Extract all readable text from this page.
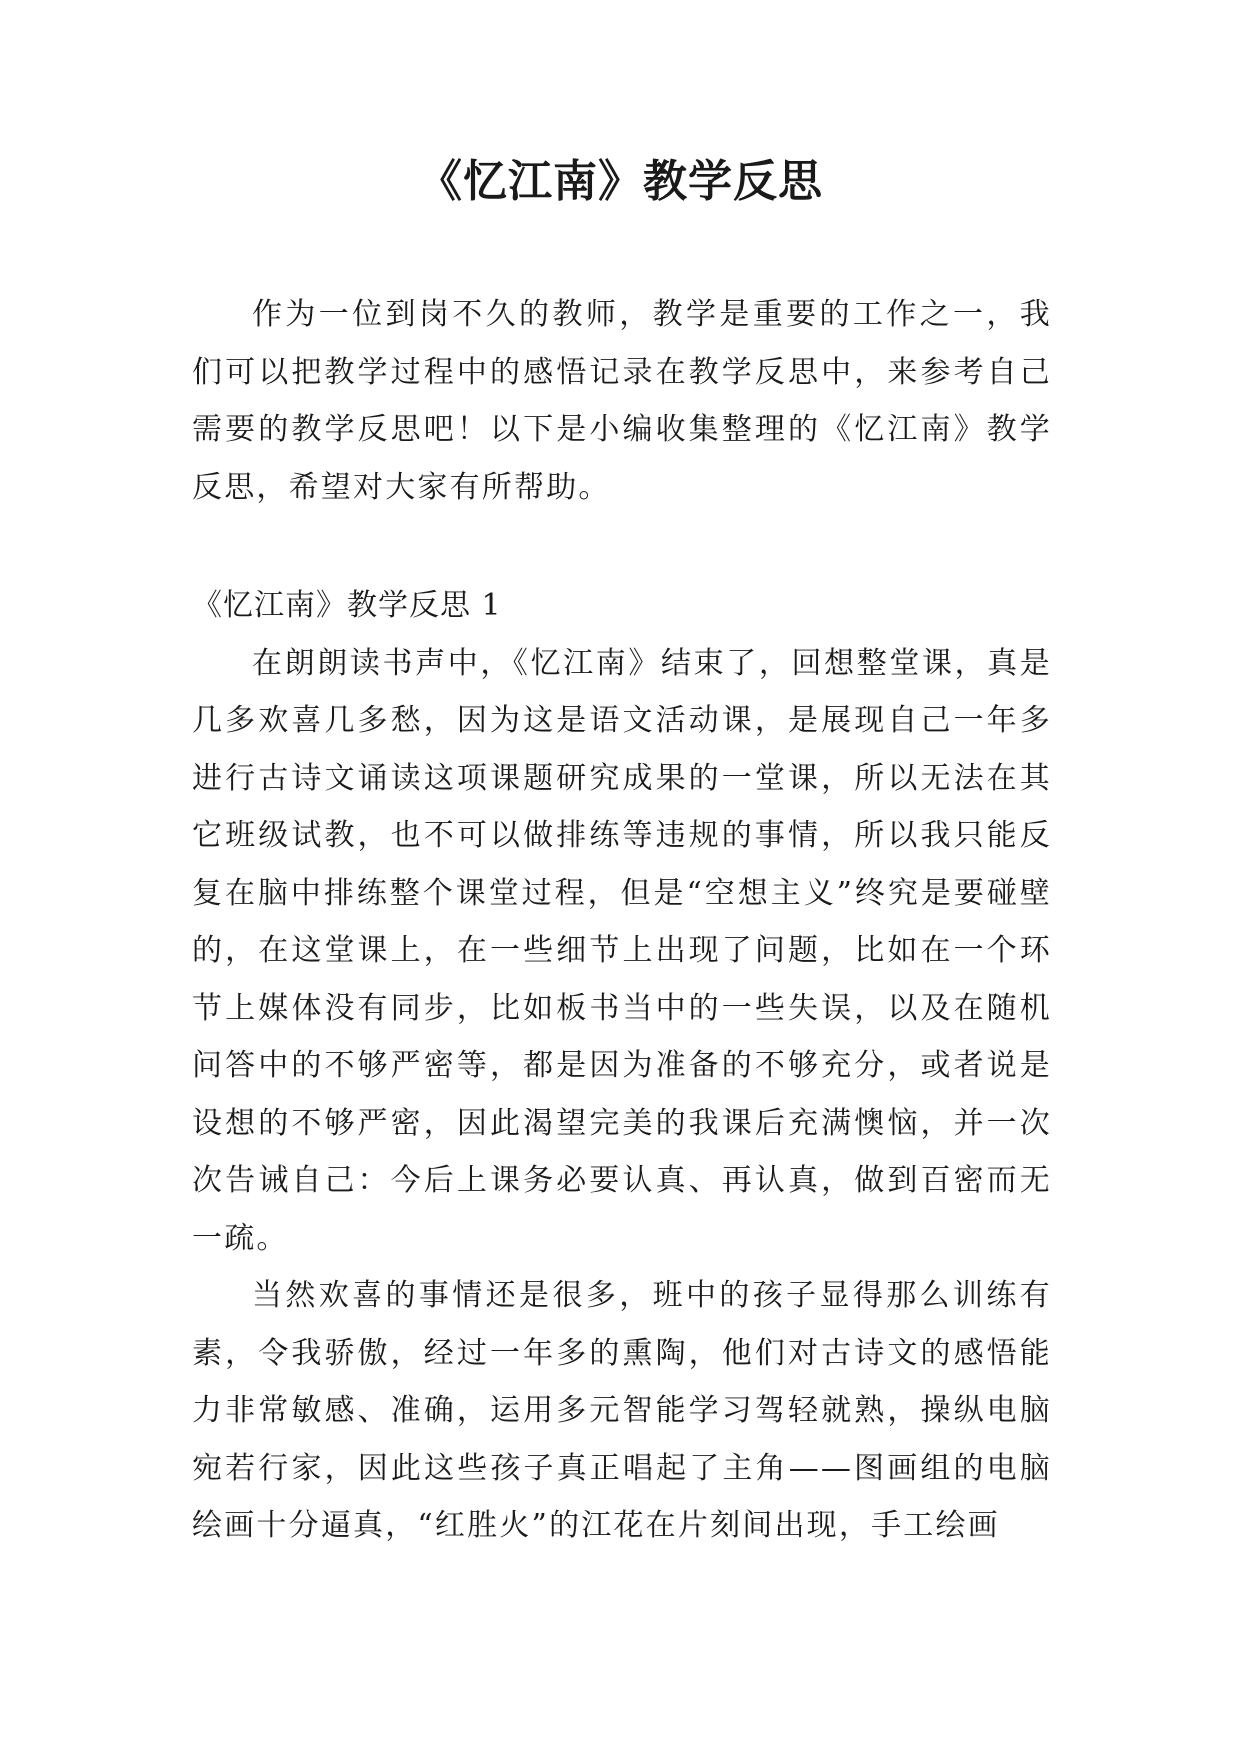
《忆江南》教学反思

作为一位到岗不久的教师，教学是重要的工作之一，我们可以把教学过程中的感悟记录在教学反思中，来参考自己需要的教学反思吧！以下是小编收集整理的《忆江南》教学反思，希望对大家有所帮助。

《忆江南》教学反思 1

在朗朗读书声中，《忆江南》结束了，回想整堂课，真是几多欢喜几多愁，因为这是语文活动课，是展现自己一年多进行古诗文诵读这项课题研究成果的一堂课，所以无法在其它班级试教，也不可以做排练等违规的事情，所以我只能反复在脑中排练整个课堂过程，但是“空想主义”终究是要碰壁的，在这堂课上，在一些细节上出现了问题，比如在一个环节上媒体没有同步，比如板书当中的一些失误，以及在随机问答中的不够严密等，都是因为准备的不够充分，或者说是设想的不够严密，因此渴望完美的我课后充满懊恼，并一次次告诫自己：今后上课务必要认真、再认真，做到百密而无一疏。

当然欢喜的事情还是很多，班中的孩子显得那么训练有素，令我骄傲，经过一年多的熏陶，他们对古诗文的感悟能力非常敏感、准确，运用多元智能学习驾轻就熟，操纵电脑宛若行家，因此这些孩子真正唱起了主角——图画组的电脑绘画十分逼真，“红胜火”的江花在片刻间出现，手工绘画
